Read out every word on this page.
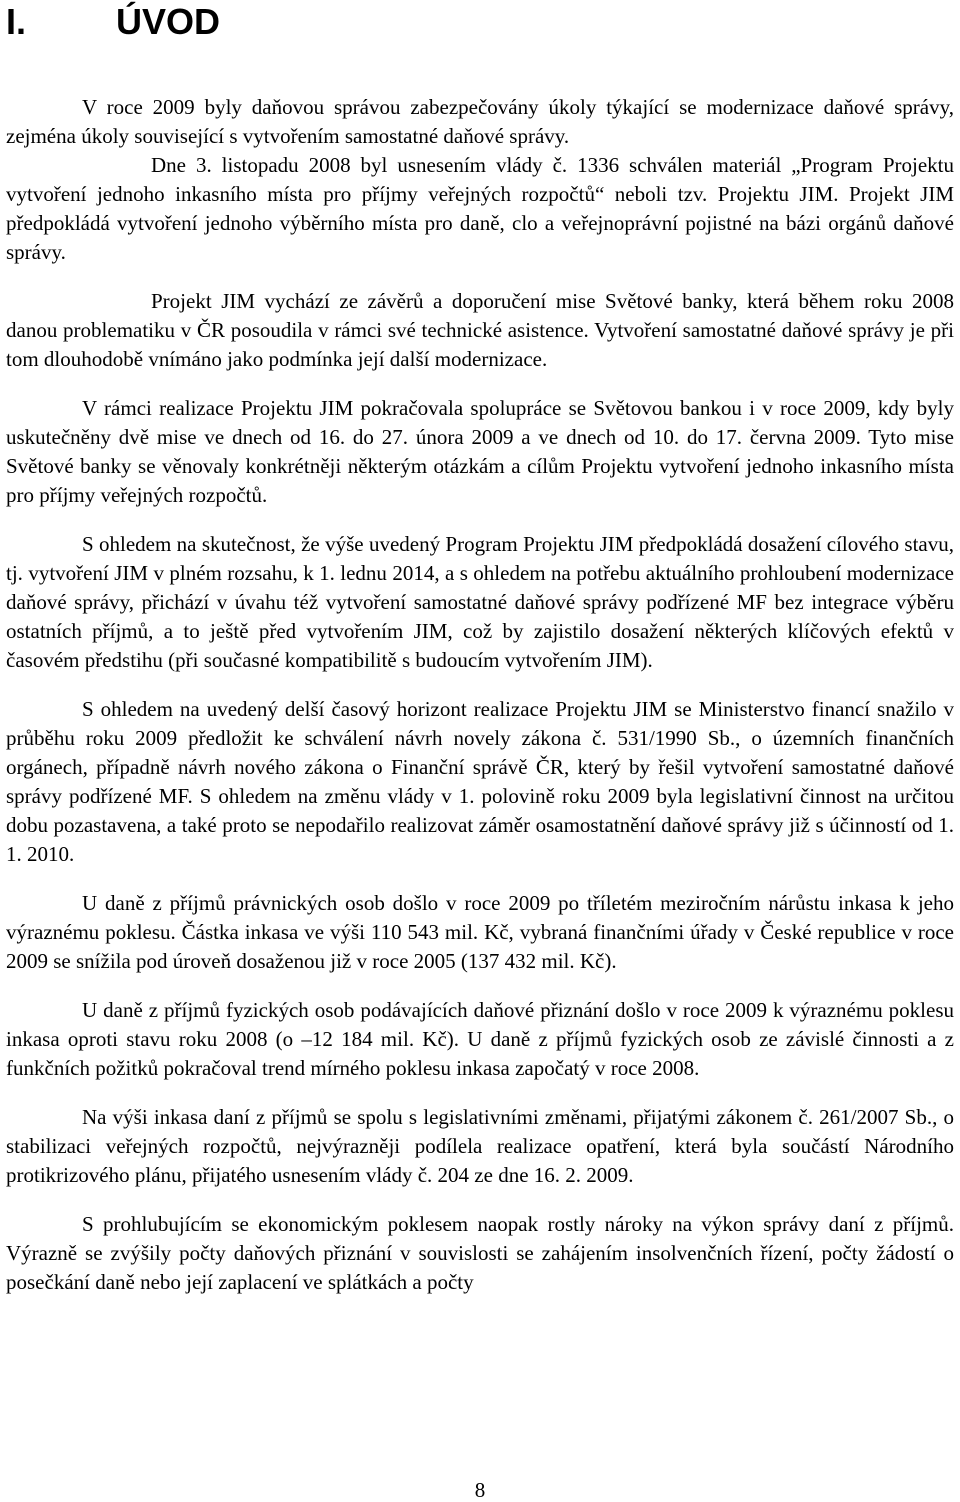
I. ÚVOD

V roce 2009 byly daňovou správou zabezpečovány úkoly týkající se modernizace daňové správy, zejména úkoly související s vytvořením samostatné daňové správy.

Dne 3. listopadu 2008 byl usnesením vlády č. 1336 schválen materiál „Program Projektu vytvoření jednoho inkasního místa pro příjmy veřejných rozpočtů“ neboli tzv. Projektu JIM. Projekt JIM předpokládá vytvoření jednoho výběrního místa pro daně, clo a veřejnoprávní pojistné na bázi orgánů daňové správy.

Projekt JIM vychází ze závěrů a doporučení mise Světové banky, která během roku 2008 danou problematiku v ČR posoudila v rámci své technické asistence. Vytvoření samostatné daňové správy je při tom dlouhodobě vnímáno jako podmínka její další modernizace.

V rámci realizace Projektu JIM pokračovala spolupráce se Světovou bankou i v roce 2009, kdy byly uskutečněny dvě mise ve dnech od 16. do 27. února 2009 a ve dnech od 10. do 17. června 2009. Tyto mise Světové banky se věnovaly konkrétněji některým otázkám a cílům Projektu vytvoření jednoho inkasního místa pro příjmy veřejných rozpočtů.

S ohledem na skutečnost, že výše uvedený Program Projektu JIM předpokládá dosažení cílového stavu, tj. vytvoření JIM v plném rozsahu, k 1. lednu 2014, a s ohledem na potřebu aktuálního prohloubení modernizace daňové správy, přichází v úvahu též vytvoření samostatné daňové správy podřízené MF bez integrace výběru ostatních příjmů, a to ještě před vytvořením JIM, což by zajistilo dosažení některých klíčových efektů v časovém předstihu (při současné kompatibilitě s budoucím vytvořením JIM).

S ohledem na uvedený delší časový horizont realizace Projektu JIM se Ministerstvo financí snažilo v průběhu roku 2009 předložit ke schválení návrh novely zákona č. 531/1990 Sb., o územních finančních orgánech, případně návrh nového zákona o Finanční správě ČR, který by řešil vytvoření samostatné daňové správy podřízené MF. S ohledem na změnu vlády v 1. polovině roku 2009 byla legislativní činnost na určitou dobu pozastavena, a také proto se nepodařilo realizovat záměr osamostatnění daňové správy již s účinností od 1. 1. 2010.

U daně z příjmů právnických osob došlo v roce 2009 po tříletém meziročním nárůstu inkasa k jeho výraznému poklesu. Částka inkasa ve výši 110 543 mil. Kč, vybraná finančními úřady v České republice v roce 2009 se snížila pod úroveň dosaženou již v roce 2005 (137 432 mil. Kč).

U daně z příjmů fyzických osob podávajících daňové přiznání došlo v roce 2009 k výraznému poklesu inkasa oproti stavu roku 2008 (o –12 184 mil. Kč). U daně z příjmů fyzických osob ze závislé činnosti a z funkčních požitků pokračoval trend mírného poklesu inkasa započatý v roce 2008.

Na výši inkasa daní z příjmů se spolu s legislativními změnami, přijatými zákonem č. 261/2007 Sb., o stabilizaci veřejných rozpočtů, nejvýrazněji podílela realizace opatření, která byla součástí Národního protikrizového plánu, přijatého usnesením vlády č. 204 ze dne 16. 2. 2009.

S prohlubujícím se ekonomickým poklesem naopak rostly nároky na výkon správy daní z příjmů. Výrazně se zvýšily počty daňových přiznání v souvislosti se zahájením insolvenčních řízení, počty žádostí o posečkání daně nebo její zaplacení ve splátkách a počty

8
